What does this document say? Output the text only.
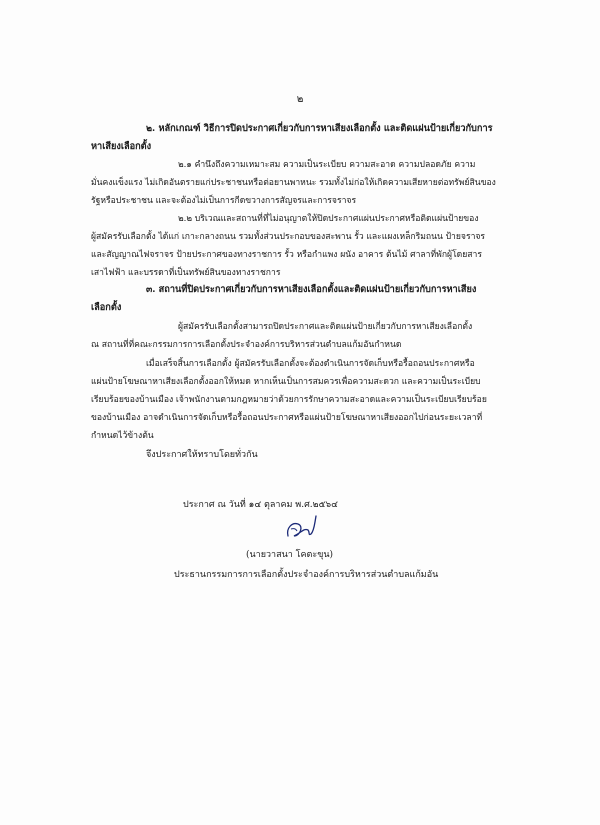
๒
๒. หลักเกณฑ์ วิธีการปิดประกาศเกี่ยวกับการหาเสียงเลือกตั้ง และติดแผ่นป้ายเกี่ยวกับการ
หาเสียงเลือกตั้ง
๒.๑ คำนึงถึงความเหมาะสม ความเป็นระเบียบ ความสะอาด ความปลอดภัย ความ
มั่นคงแข็งแรง ไม่เกิดอันตรายแก่ประชาชนหรือต่อยานพาหนะ รวมทั้งไม่ก่อให้เกิดความเสียหายต่อทรัพย์สินของ
รัฐหรือประชาชน และจะต้องไม่เป็นการกีดขวางการสัญจรและการจราจร
๒.๒ บริเวณและสถานที่ที่ไม่อนุญาตให้ปิดประกาศแผ่นประกาศหรือติดแผ่นป้ายของ
ผู้สมัครรับเลือกตั้ง ได้แก่ เกาะกลางถนน รวมทั้งส่วนประกอบของสะพาน รั้ว และแผงเหล็กริมถนน ป้ายจราจร
และสัญญาณไฟจราจร ป้ายประกาศของทางราชการ รั้ว หรือกำแพง ผนัง อาคาร ต้นไม้ ศาลาที่พักผู้โดยสาร
เสาไฟฟ้า และบรรดาที่เป็นทรัพย์สินของทางราชการ
๓. สถานที่ปิดประกาศเกี่ยวกับการหาเสียงเลือกตั้งและติดแผ่นป้ายเกี่ยวกับการหาเสียง
เลือกตั้ง
ผู้สมัครรับเลือกตั้งสามารถปิดประกาศและติดแผ่นป้ายเกี่ยวกับการหาเสียงเลือกตั้ง
ณ สถานที่ที่คณะกรรมการการเลือกตั้งประจำองค์การบริหารส่วนตำบลแก้มอันกำหนด
เมื่อเสร็จสิ้นการเลือกตั้ง ผู้สมัครรับเลือกตั้งจะต้องดำเนินการจัดเก็บหรือรื้อถอนประกาศหรือ
แผ่นป้ายโฆษณาหาเสียงเลือกตั้งออกให้หมด หากเห็นเป็นการสมควรเพื่อความสะดวก และความเป็นระเบียบ
เรียบร้อยของบ้านเมือง เจ้าพนักงานตามกฎหมายว่าด้วยการรักษาความสะอาดและความเป็นระเบียบเรียบร้อย
ของบ้านเมือง อาจดำเนินการจัดเก็บหรือรื้อถอนประกาศหรือแผ่นป้ายโฆษณาหาเสียงออกไปก่อนระยะเวลาที่
กำหนดไว้ข้างต้น
จึงประกาศให้ทราบโดยทั่วกัน
ประกาศ ณ วันที่ ๑๔ ตุลาคม พ.ศ.๒๕๖๔
(นายวาสนา โคตะขุน)
ประธานกรรมการการเลือกตั้งประจำองค์การบริหารส่วนตำบลแก้มอัน
